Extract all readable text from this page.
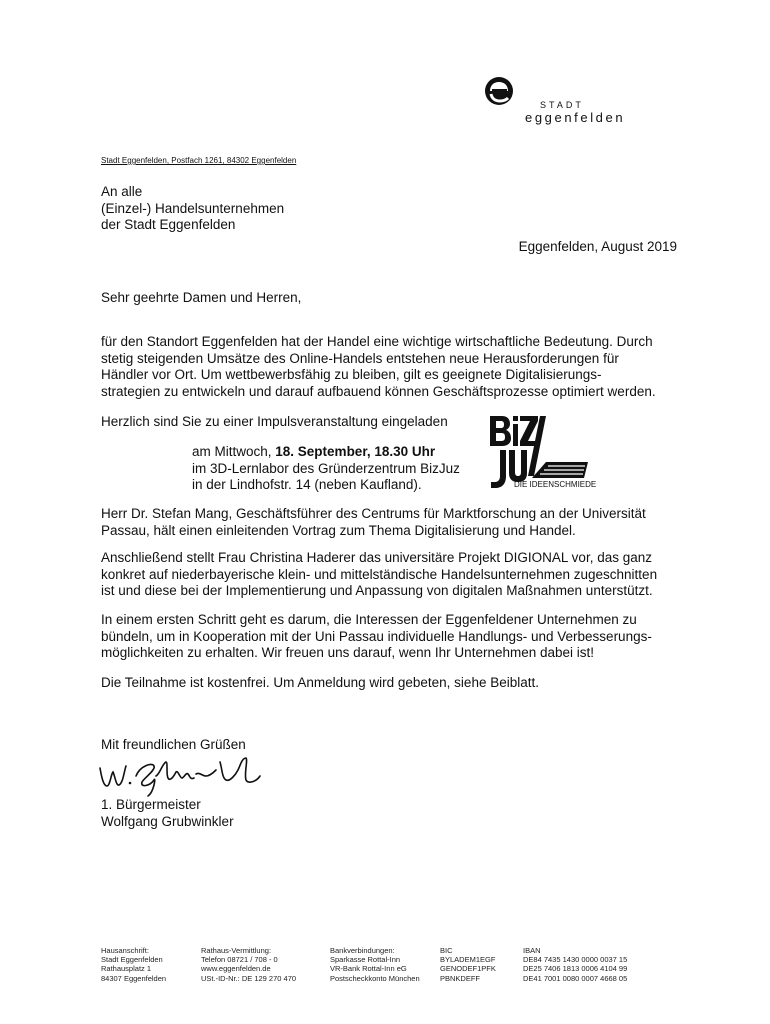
STADT
eggenfelden
Stadt Eggenfelden, Postfach 1261, 84302 Eggenfelden
An alle
(Einzel-) Handelsunternehmen
der Stadt Eggenfelden
Eggenfelden, August 2019
Sehr geehrte Damen und Herren,
für den Standort Eggenfelden hat der Handel eine wichtige wirtschaftliche Bedeutung. Durch
stetig steigenden Umsätze des Online-Handels entstehen neue Herausforderungen für
Händler vor Ort. Um wettbewerbsfähig zu bleiben, gilt es geeignete Digitalisierungs-
strategien zu entwickeln und darauf aufbauend können Geschäftsprozesse optimiert werden.
Herzlich sind Sie zu einer Impulsveranstaltung eingeladen
am Mittwoch, 18. September, 18.30 Uhr
im 3D-Lernlabor des Gründerzentrum BizJuz
in der Lindhofstr. 14 (neben Kaufland).	DIE IDEENSCHMIEDE
Herr Dr. Stefan Mang, Geschäftsführer des Centrums für Marktforschung an der Universität
Passau, hält einen einleitenden Vortrag zum Thema Digitalisierung und Handel.
Anschließend stellt Frau Christina Haderer das universitäre Projekt DIGIONAL vor, das ganz
konkret auf niederbayerische klein- und mittelständische Handelsunternehmen zugeschnitten
ist und diese bei der Implementierung und Anpassung von digitalen Maßnahmen unterstützt.
In einem ersten Schritt geht es darum, die Interessen der Eggenfeldener Unternehmen zu
bündeln, um in Kooperation mit der Uni Passau individuelle Handlungs- und Verbesserungs-
möglichkeiten zu erhalten. Wir freuen uns darauf, wenn Ihr Unternehmen dabei ist!
Die Teilnahme ist kostenfrei. Um Anmeldung wird gebeten, siehe Beiblatt.
Mit freundlichen Grüßen
1. Bürgermeister
Wolfgang Grubwinkler
Hausanschrift:
Stadt Eggenfelden
Rathausplatz 1
84307 Eggenfelden
Rathaus-Vermittlung:
Telefon 08721 / 708 - 0
www.eggenfelden.de
USt.-ID-Nr.: DE 129 270 470
Bankverbindungen:
Sparkasse Rottal-Inn
VR-Bank Rottal-Inn eG
Postscheckkonto München
BIC
BYLADEM1EGF
GENODEF1PFK
PBNKDEFF
IBAN
DE84 7435 1430 0000 0037 15
DE25 7406 1813 0006 4104 99
DE41 7001 0080 0007 4668 05
